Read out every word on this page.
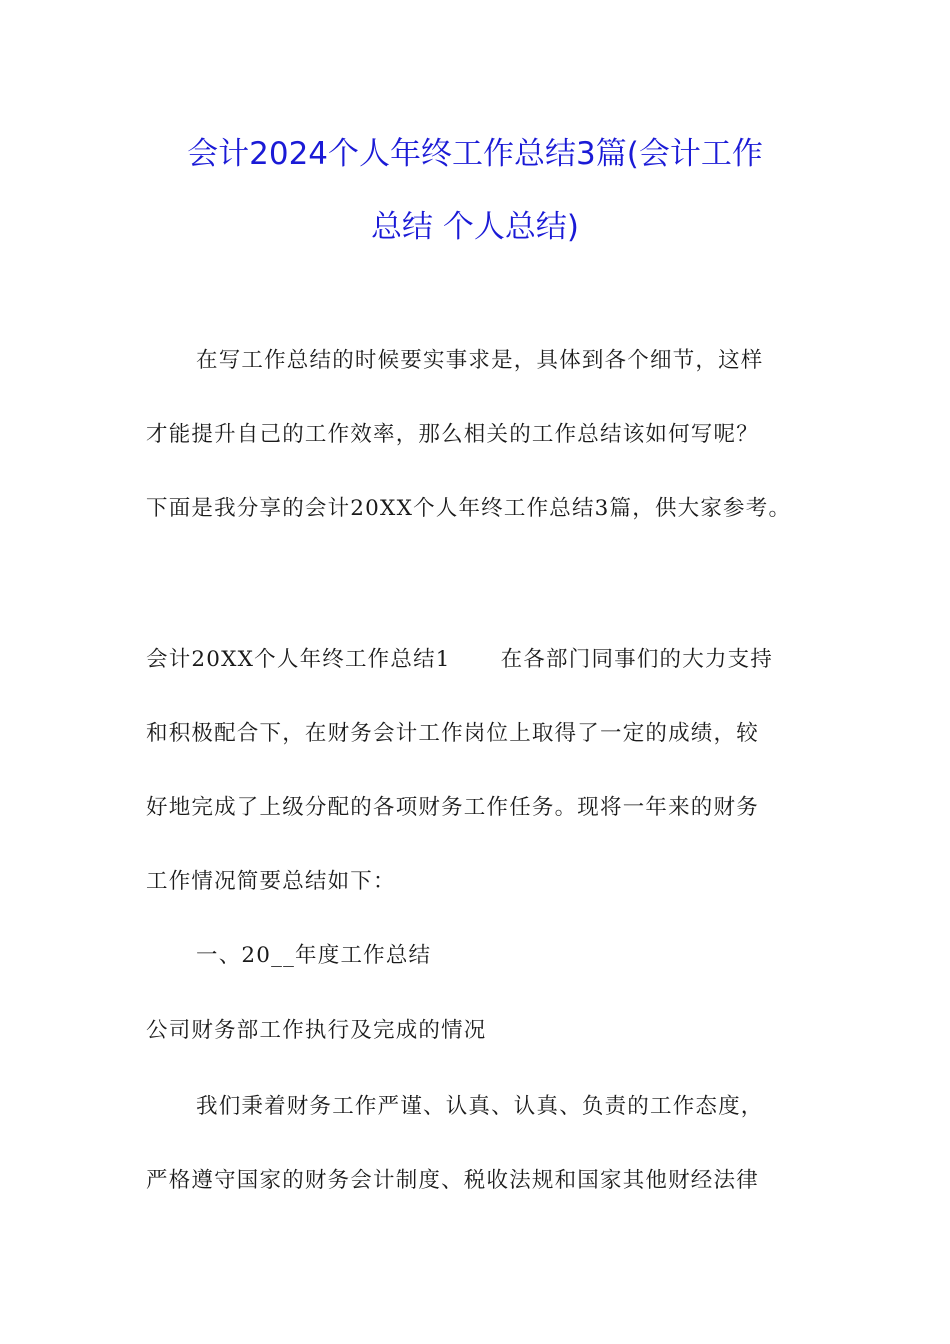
会计2024个人年终工作总结3篇(会计工作
总结 个人总结)
在写工作总结的时候要实事求是，具体到各个细节，这样
才能提升自己的工作效率，那么相关的工作总结该如何写呢？
下面是我分享的会计20XX个人年终工作总结3篇，供大家参考。
会计20XX个人年终工作总结1 在各部门同事们的大力支持
和积极配合下，在财务会计工作岗位上取得了一定的成绩，较
好地完成了上级分配的各项财务工作任务。现将一年来的财务
工作情况简要总结如下：
一、20__年度工作总结
公司财务部工作执行及完成的情况
我们秉着财务工作严谨、认真、认真、负责的工作态度，
严格遵守国家的财务会计制度、税收法规和国家其他财经法律
